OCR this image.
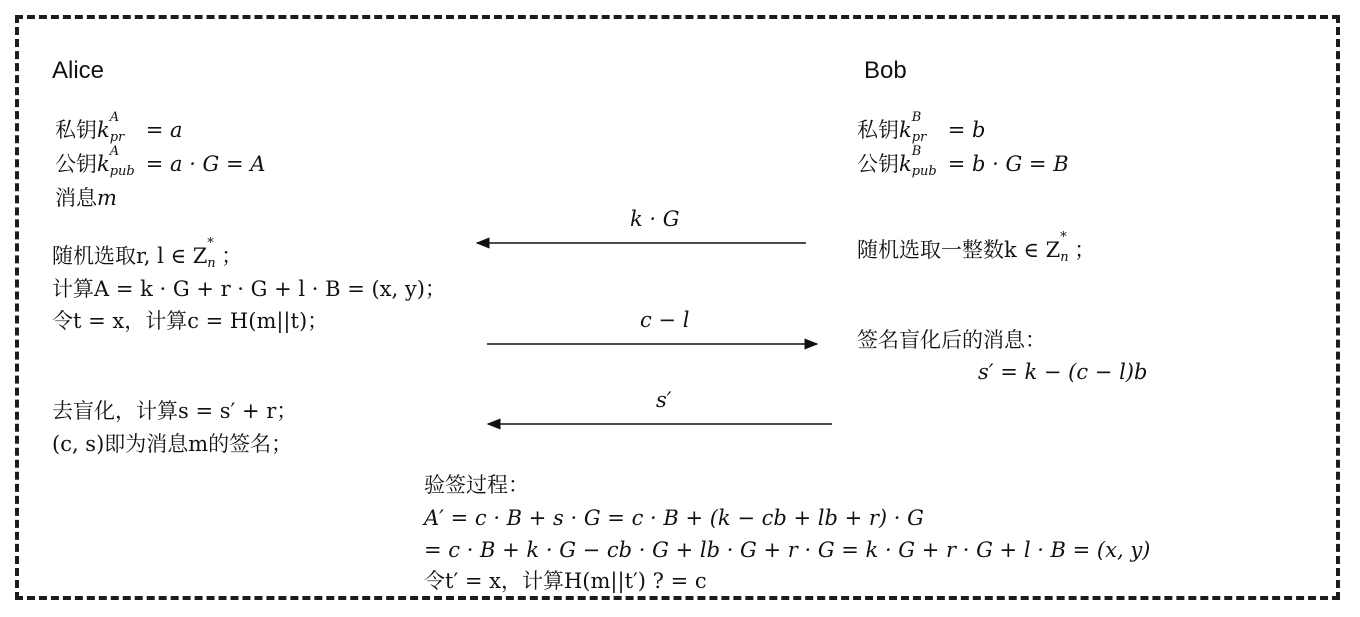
Alice	Bob
私钥k
A
pr = a
公钥k
A
pub = a · G = A
消息m
随机选取r, l ∈ Z
*
n ；
计算A = k · G + r · G + l · B = (x, y)；
令t = x，计算c = H(m||t)；
去盲化，计算s = s′ + r；
(c, s)即为消息m的签名；
私钥k
B
pr = b
公钥k
B
pub = b · G = B
随机选取一整数k ∈ Z
*
n ；
签名盲化后的消息：
s′ = k − (c − l)b
k · G
c − l
s′
验签过程：
A′ = c · B + s · G = c · B + (k − cb + lb + r) · G
= c · B + k · G − cb · G + lb · G + r · G = k · G + r · G + l · B = (x, y)
令t′ = x，计算H(m||t′) ? = c
